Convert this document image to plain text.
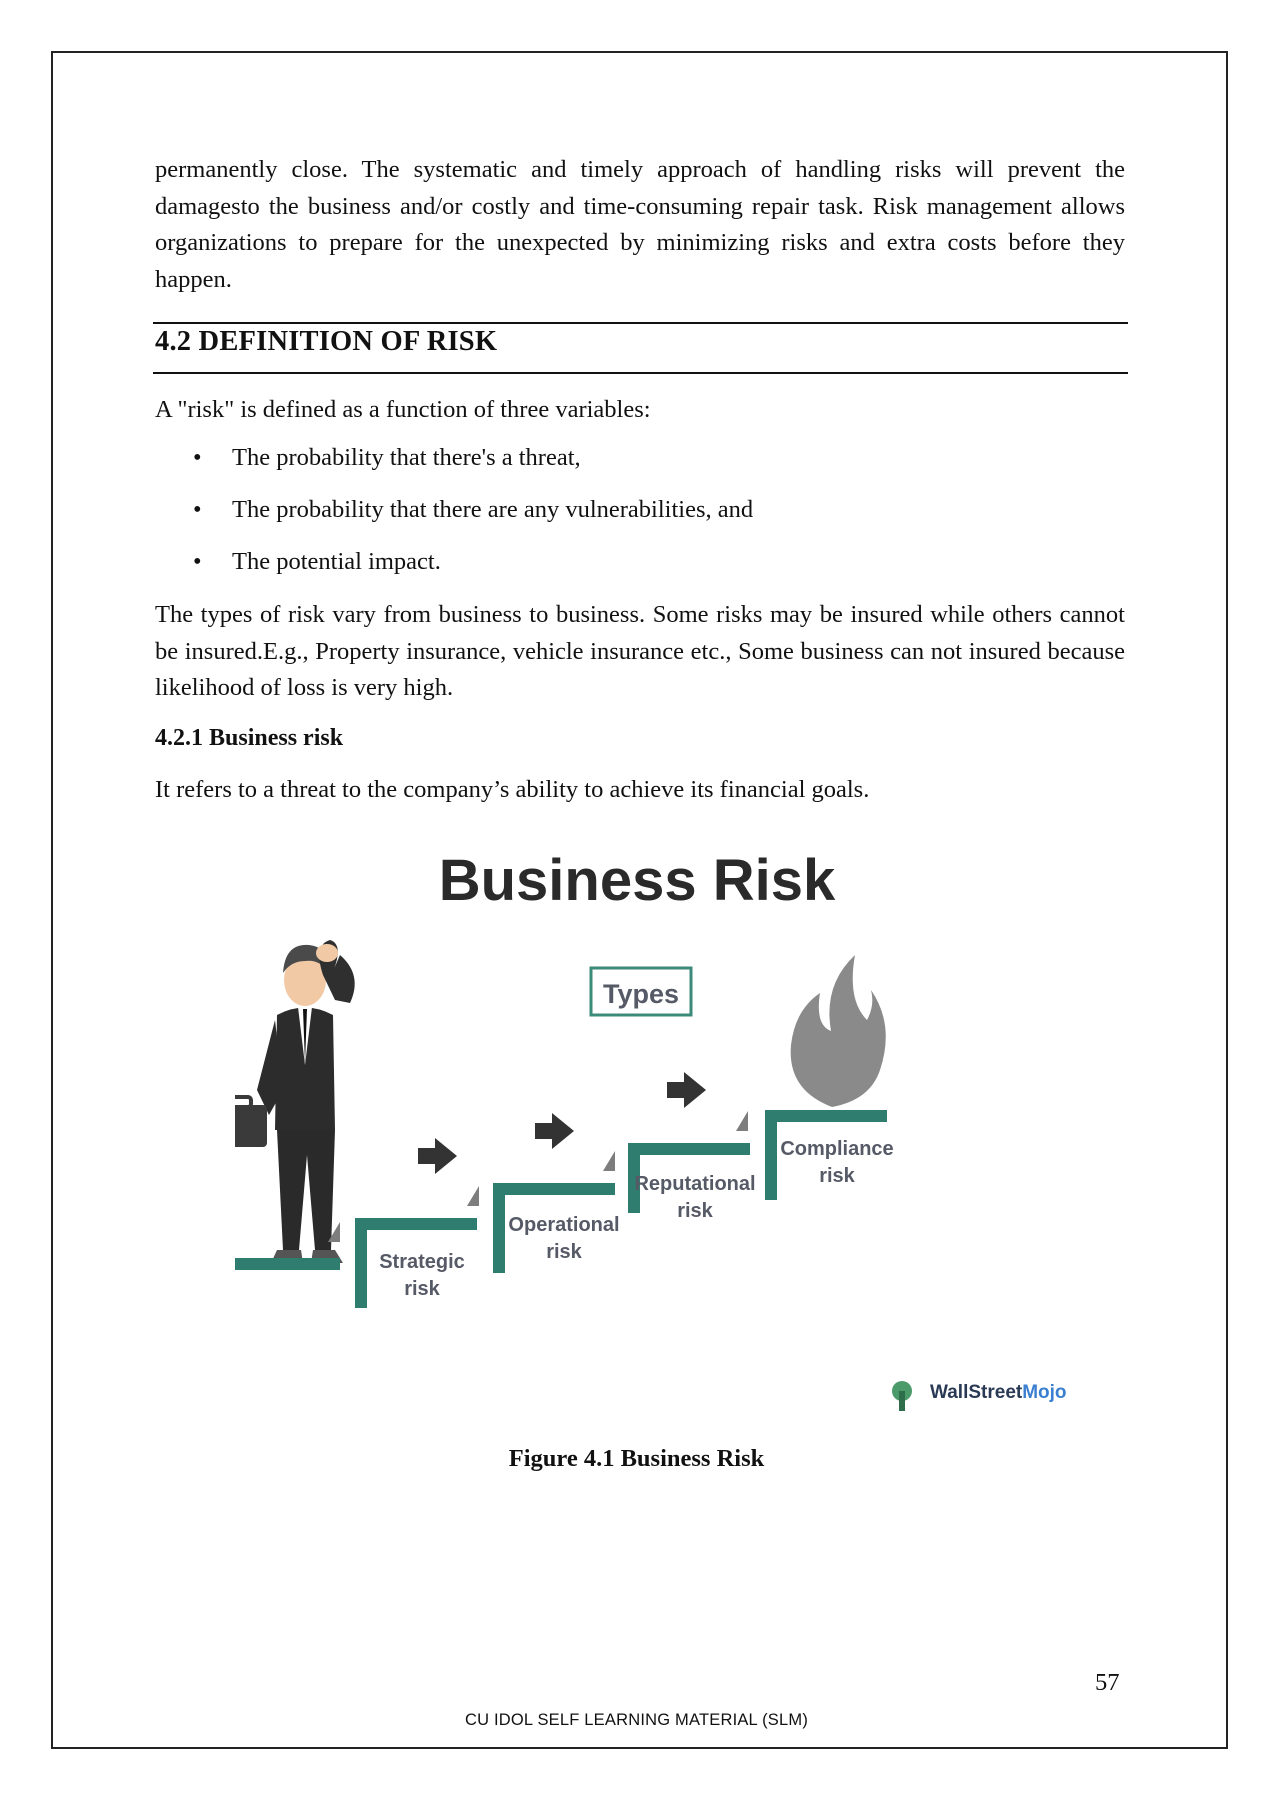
permanently close. The systematic and timely approach of handling risks will prevent the damagesto the business and/or costly and time-consuming repair task. Risk management allows organizations to prepare for the unexpected by minimizing risks and extra costs before they happen.
4.2 DEFINITION OF RISK
A "risk" is defined as a function of three variables:
• The probability that there's a threat,
• The probability that there are any vulnerabilities, and
• The potential impact.
The types of risk vary from business to business. Some risks may be insured while others cannot be insured.E.g., Property insurance, vehicle insurance etc., Some business can not insured because likelihood of loss is very high.
4.2.1 Business risk
It refers to a threat to the company’s ability to achieve its financial goals.
Business Risk
Types
Strategic
risk
Operational
risk
Reputational
risk
Compliance
risk
WallStreetMojo
Figure 4.1 Business Risk
57
CU IDOL SELF LEARNING MATERIAL (SLM)
